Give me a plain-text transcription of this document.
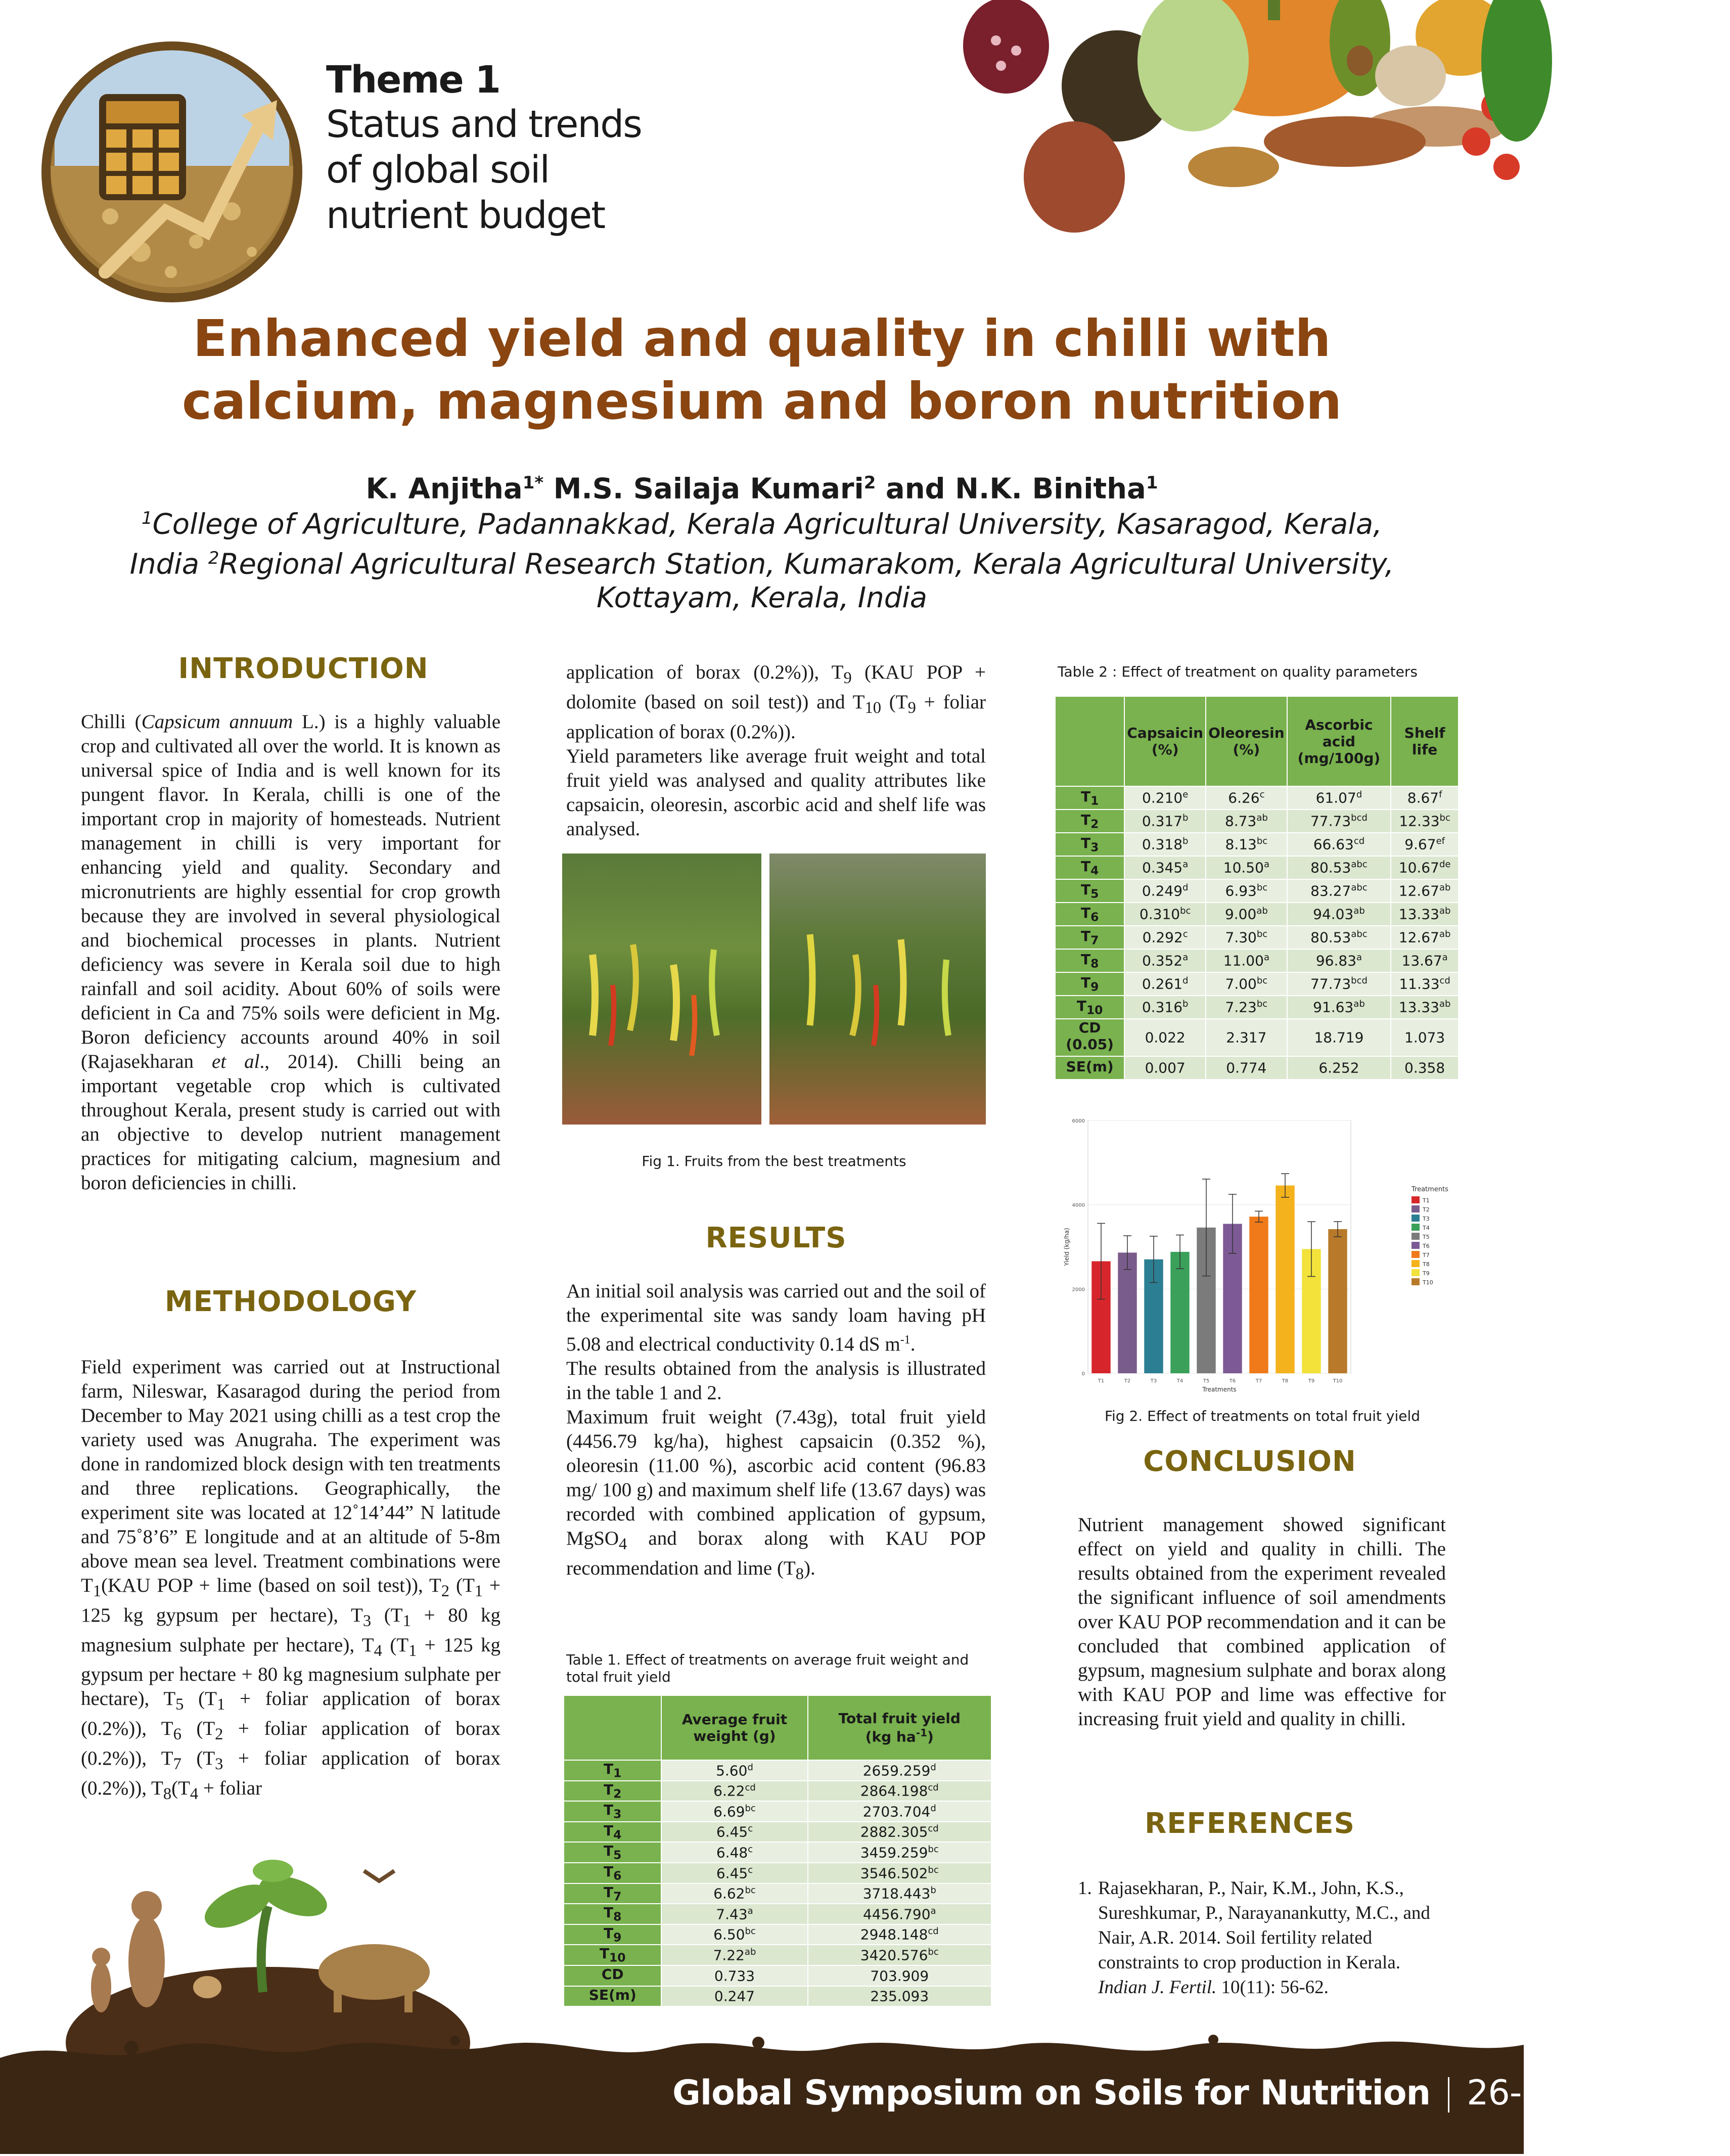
Theme 1
Status and trends
of global soil
nutrient budget
Enhanced yield and quality in chilli with
calcium, magnesium and boron nutrition
K. Anjitha$^{1*}$ M.S. Sailaja Kumari$^2$ and N.K. Binitha$^1$
$^1$College of Agriculture, Padannakkad, Kerala Agricultural University, Kasaragod, Kerala,
India $^2$Regional Agricultural Research Station, Kumarakom, Kerala Agricultural University,
Kottayam, Kerala, India
INTRODUCTION
Chilli (Capsicum annuum L.) is a highly valuable crop and cultivated all over the world. It is known as universal spice of India and is well known for its pungent flavor. In Kerala, chilli is one of the important crop in majority of homesteads. Nutrient management in chilli is very important for enhancing yield and quality. Secondary and micronutrients are highly essential for crop growth because they are involved in several physiological and biochemical processes in plants. Nutrient deficiency was severe in Kerala soil due to high rainfall and soil acidity. About 60% of soils were deficient in Ca and 75% soils were deficient in Mg. Boron deficiency accounts around 40% in soil (Rajasekharan et al., 2014). Chilli being an important vegetable crop which is cultivated throughout Kerala, present study is carried out with an objective to develop nutrient management practices for mitigating calcium, magnesium and boron deficiencies in chilli.
METHODOLOGY
Field experiment was carried out at Instructional farm, Nileswar, Kasaragod during the period from December to May 2021 using chilli as a test crop the variety used was Anugraha. The experiment was done in randomized block design with ten treatments and three replications. Geographically, the experiment site was located at 12˚14’44” N latitude and 75˚8’6” E longitude and at an altitude of 5-8m above mean sea level. Treatment combinations were $T_1(KAU$ POP + lime (based on soil test)), $T_2$ ($T_1 + 125$ kg gypsum per hectare), $T_3$ ($T_1 + 80$ kg magnesium sulphate per hectare), $T_4$ ($T_1 + 125$ kg gypsum per hectare + 80 kg magnesium sulphate per hectare), $T_5$ ($T_1$ + foliar application of borax (0.2%)), $T_6$ ($T_2$ + foliar application of borax (0.2%)), $T_7$ ($T_3$ + foliar application of borax (0.2%)), $T_8(T_4$ + foliar
application of borax (0.2%)), $T_9$ (KAU POP + dolomite (based on soil test)) and $T_{10}$ ($T_9$ + foliar application of borax (0.2%)).
Yield parameters like average fruit weight and total fruit yield was analysed and quality attributes like capsaicin, oleoresin, ascorbic acid and shelf life was analysed.
Fig 1. Fruits from the best treatments
RESULTS
An initial soil analysis was carried out and the soil of the experimental site was sandy loam having pH 5.08 and electrical conductivity 0.14 dS $m^{-1}$.
The results obtained from the analysis is illustrated in the table 1 and 2.
Maximum fruit weight (7.43g), total fruit yield (4456.79 kg/ha), highest capsaicin (0.352 %), oleoresin (11.00 %), ascorbic acid content (96.83 mg/ 100 g) and maximum shelf life (13.67 days) was recorded with combined application of gypsum, MgSO$_4$ and borax along with KAU POP recommendation and lime $(T_8)$.
Table 1. Effect of treatments on average fruit weight and total fruit yield
	Average fruit weight (g)	Total fruit yield
(kg $ha^{-1}$)
$T_1$	5.60$^d$	2659.259$^d$
$T_2$	6.22$^{cd}$	2864.198$^{cd}$
$T_3$	6.69$^{bc}$	2703.704$^d$
$T_4$	6.45$^c$	2882.305$^{cd}$
$T_5$	6.48$^c$	3459.259$^{bc}$
$T_6$	6.45$^c$	3546.502$^{bc}$
$T_7$	6.62$^{bc}$	3718.443$^b$
$T_8$	7.43$^a$	4456.790$^a$
$T_9$	6.50$^{bc}$	2948.148$^{cd}$
$T_{10}$	7.22$^{ab}$	3420.576$^{bc}$
CD	0.733	703.909
SE(m)	0.247	235.093
Table 2 : Effect of treatment on quality parameters
	Capsaicin (%)	Oleoresin (%)	Ascorbic acid (mg/100g)	Shelf life
$T_1$	0.210e	6.26$^c$	61.07$^d$	8.67$^f$
$T_2$	0.317$^b$	8.73$^{ab}$	77.73$^{bcd}$	12.33$^{bc}$
$T_3$	0.318$^b$	8.13$^{bc}$	66.63$^{cd}$	9.67$^{ef}$
$T_4$	0.345$^a$	10.50$^a$	80.53$^{abc}$	10.67de
$T_5$	0.249$^d$	6.93$^{bc}$	83.27$^{abc}$	12.67$^{ab}$
$T_6$	0.310$^{bc}$	9.00$^{ab}$	94.03$^{ab}$	13.33$^{ab}$
$T_7$	0.292$^c$	7.30$^{bc}$	80.53$^{abc}$	12.67$^{ab}$
$T_8$	0.352$^a$	11.00$^a$	96.83$^a$	13.67$^a$
$T_9$	0.261$^d$	7.00$^{bc}$	77.73$^{bcd}$	11.33$^{cd}$
$T_{10}$	0.316$^b$	7.23$^{bc}$	91.63$^{ab}$	13.33$^{ab}$
CD (0.05)	0.022	2.317	18.719	1.073
SE(m)	0.007	0.774	6.252	0.358
0
2000
4000
6000
Yield (kg/ha)
T1	T2	T3	T4	T5	T6	T7	T8	T9	T10
Treatments
Treatments
T1
T2
T3
T4
T5
T6
T7
T8
T9
T10
Fig 2. Effect of treatments on total fruit yield
CONCLUSION
Nutrient management showed significant effect on yield and quality in chilli. The results obtained from the experiment revealed the significant influence of soil amendments over KAU POP recommendation and it can be concluded that combined application of gypsum, magnesium sulphate and borax along with KAU POP and lime was effective for increasing fruit yield and quality in chilli.
REFERENCES
1. Rajasekharan, P., Nair, K.M., John, K.S., Sureshkumar, P., Narayanankutty, M.C., and Nair, A.R. 2014. Soil fertility related constraints to crop production in Kerala. Indian J. Fertil. 10(11): 56-62.
Global Symposium on Soils for Nutrition 26-29 July 2022
